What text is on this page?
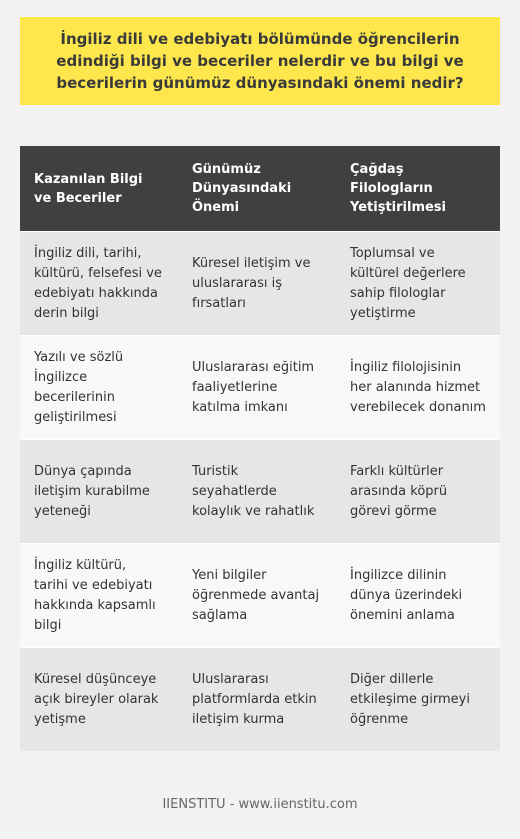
İngiliz dili ve edebiyatı bölümünde öğrencilerin edindiği bilgi ve beceriler nelerdir ve bu bilgi ve becerilerin günümüz dünyasındaki önemi nedir?
Kazanılan Bilgi ve Beceriler
Günümüz Dünyasındaki Önemi
Çağdaş Filologların Yetiştirilmesi
İngiliz dili, tarihi, kültürü, felsefesi ve edebiyatı hakkında derin bilgi
Küresel iletişim ve uluslararası iş fırsatları
Toplumsal ve kültürel değerlere sahip filologlar yetiştirme
Yazılı ve sözlü İngilizce becerilerinin geliştirilmesi
Uluslararası eğitim faaliyetlerine katılma imkanı
İngiliz filolojisinin her alanında hizmet verebilecek donanım
Dünya çapında iletişim kurabilme yeteneği
Turistik seyahatlerde kolaylık ve rahatlık
Farklı kültürler arasında köprü görevi görme
İngiliz kültürü, tarihi ve edebiyatı hakkında kapsamlı bilgi
Yeni bilgiler öğrenmede avantaj sağlama
İngilizce dilinin dünya üzerindeki önemini anlama
Küresel düşünceye açık bireyler olarak yetişme
Uluslararası platformlarda etkin iletişim kurma
Diğer dillerle etkileşime girmeyi öğrenme
IIENSTITU - www.iienstitu.com
